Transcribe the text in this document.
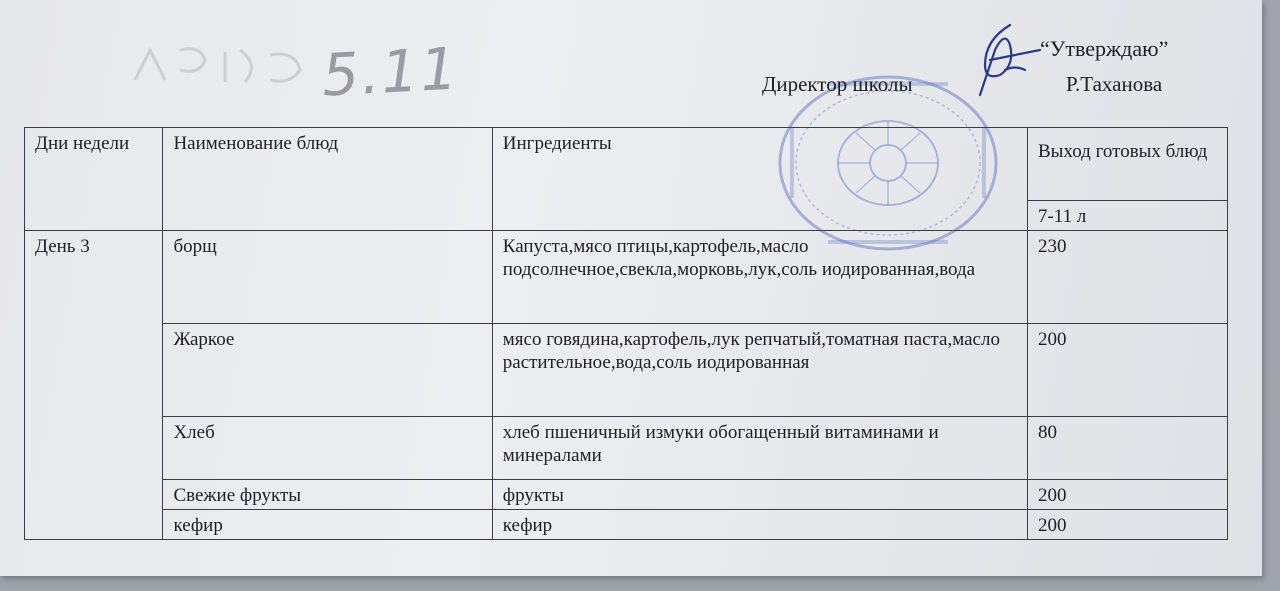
5.11	“Утверждаю”
Директор школы	Р.Таханова
Дни недели	Наименование блюд	Ингредиенты	Выход готовых блюд
			7-11 л
День 3	борщ	Капуста,мясо птицы,картофель,масло подсолнечное,свекла,морковь,лук,соль иодированная,вода	230
	Жаркое	мясо говядина,картофель,лук репчатый,томатная паста,масло растительное,вода,соль иодированная	200
	Хлеб	хлеб пшеничный измуки обогащенный витаминами и минералами	80
	Свежие фрукты	фрукты	200
	кефир	кефир	200
